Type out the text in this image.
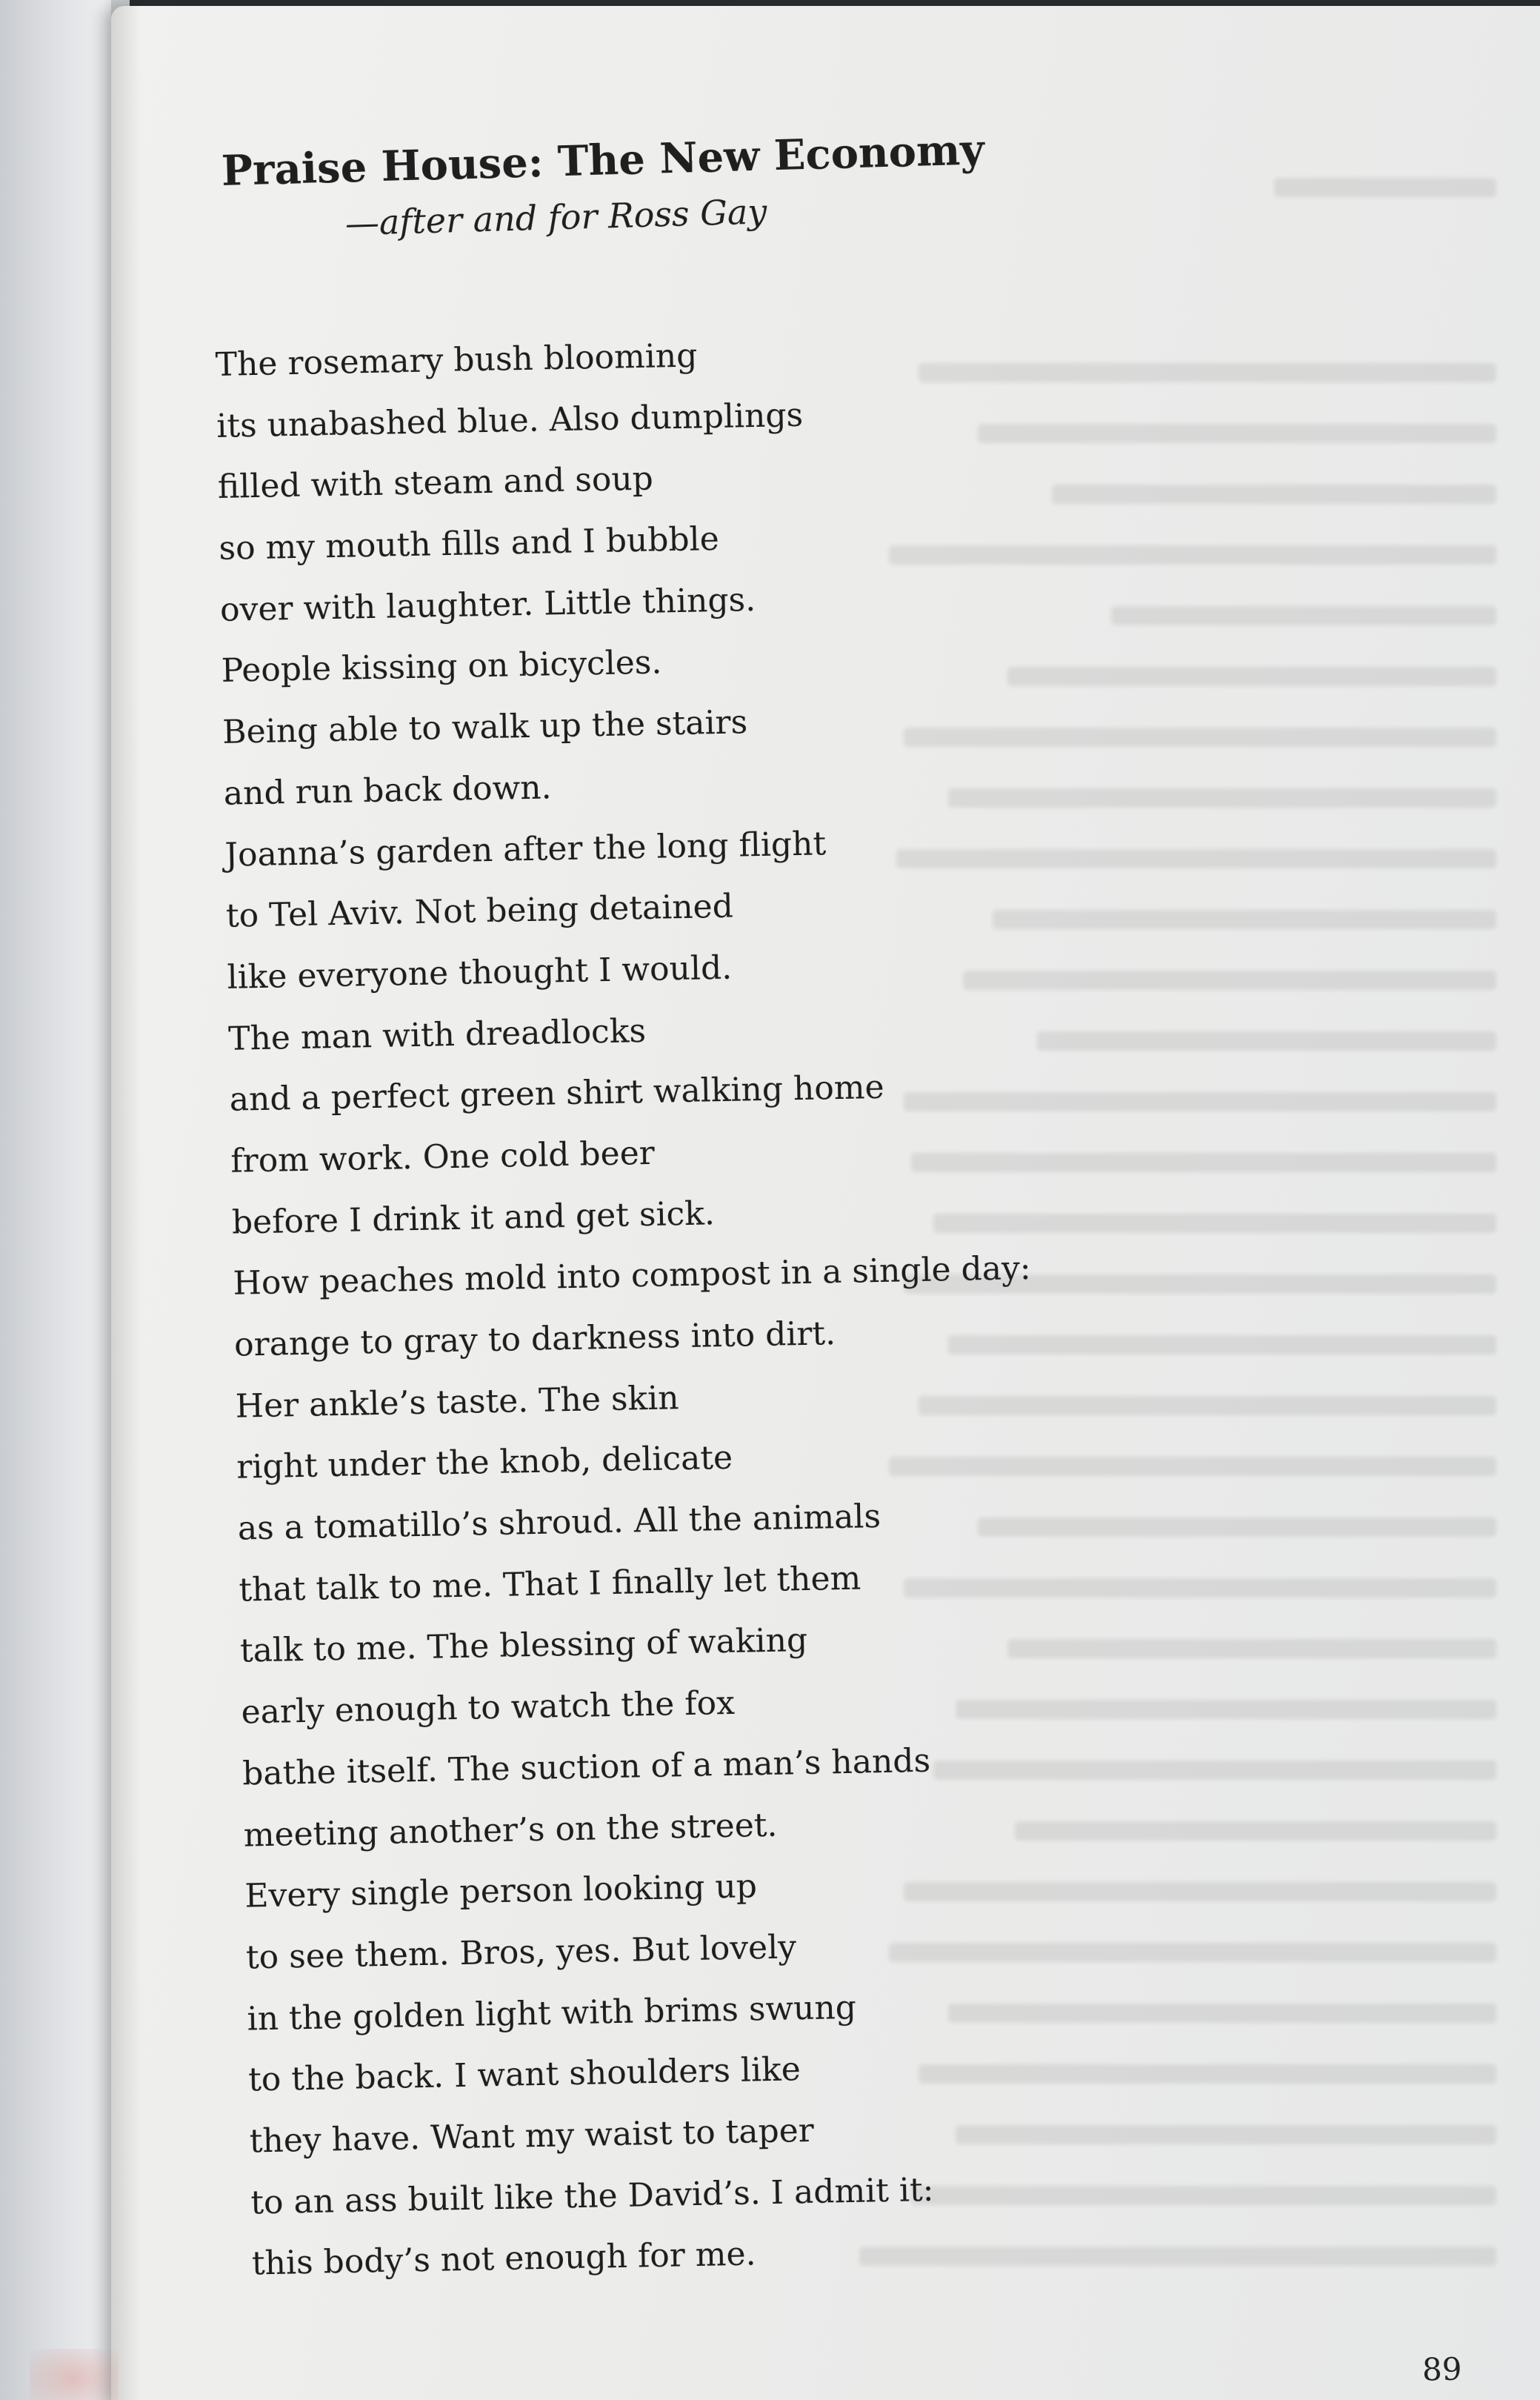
Praise House: The New Economy
—after and for Ross Gay
The rosemary bush blooming
its unabashed blue. Also dumplings
filled with steam and soup
so my mouth fills and I bubble
over with laughter. Little things.
People kissing on bicycles.
Being able to walk up the stairs
and run back down.
Joanna’s garden after the long flight
to Tel Aviv. Not being detained
like everyone thought I would.
The man with dreadlocks
and a perfect green shirt walking home
from work. One cold beer
before I drink it and get sick.
How peaches mold into compost in a single day:
orange to gray to darkness into dirt.
Her ankle’s taste. The skin
right under the knob, delicate
as a tomatillo’s shroud. All the animals
that talk to me. That I finally let them
talk to me. The blessing of waking
early enough to watch the fox
bathe itself. The suction of a man’s hands
meeting another’s on the street.
Every single person looking up
to see them. Bros, yes. But lovely
in the golden light with brims swung
to the back. I want shoulders like
they have. Want my waist to taper
to an ass built like the David’s. I admit it:
this body’s not enough for me.
89
